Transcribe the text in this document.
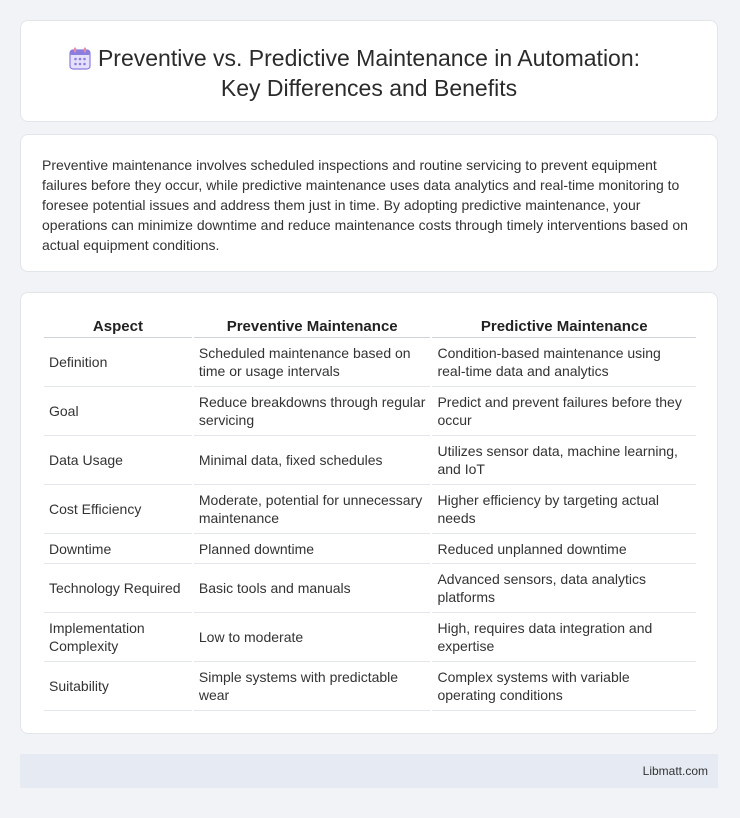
Preventive vs. Predictive Maintenance in Automation:
Key Differences and Benefits
Preventive maintenance involves scheduled inspections and routine servicing to prevent equipment failures before they occur, while predictive maintenance uses data analytics and real-time monitoring to foresee potential issues and address them just in time. By adopting predictive maintenance, your operations can minimize downtime and reduce maintenance costs through timely interventions based on actual equipment conditions.
Aspect	Preventive Maintenance	Predictive Maintenance
Definition	Scheduled maintenance based on time or usage intervals	Condition-based maintenance using real-time data and analytics
Goal	Reduce breakdowns through regular servicing	Predict and prevent failures before they occur
Data Usage	Minimal data, fixed schedules	Utilizes sensor data, machine learning, and IoT
Cost Efficiency	Moderate, potential for unnecessary maintenance	Higher efficiency by targeting actual needs
Downtime	Planned downtime	Reduced unplanned downtime
Technology Required	Basic tools and manuals	Advanced sensors, data analytics platforms
Implementation Complexity	Low to moderate	High, requires data integration and expertise
Suitability	Simple systems with predictable wear	Complex systems with variable operating conditions
Libmatt.com
